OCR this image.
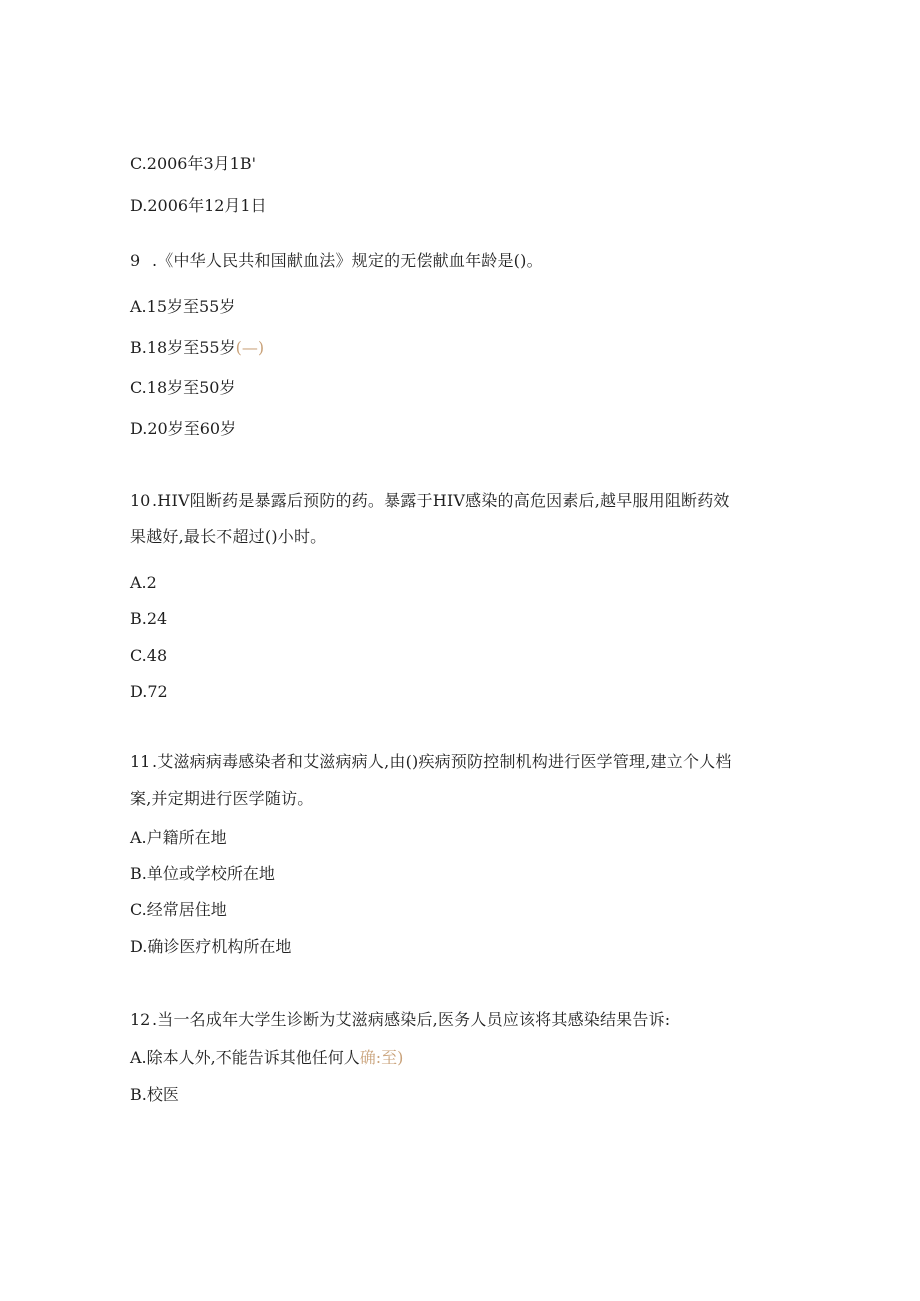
C.2006年3月1B'
D.2006年12月1日
9 .《中华人民共和国献血法》规定的无偿献血年龄是()。
A.15岁至55岁
B.18岁至55岁(—)
C.18岁至50岁
D.20岁至60岁
10 .HIV阻断药是暴露后预防的药。暴露于HIV感染的高危因素后,越早服用阻断药效
果越好,最长不超过()小时。
A.2
B.24
C.48
D.72
11 .艾滋病病毒感染者和艾滋病病人,由()疾病预防控制机构进行医学管理,建立个人档
案,并定期进行医学随访。
A.户籍所在地
B.单位或学校所在地
C.经常居住地
D.确诊医疗机构所在地
12 .当一名成年大学生诊断为艾滋病感染后,医务人员应该将其感染结果告诉:
A.除本人外,不能告诉其他任何人确:至)
B.校医
